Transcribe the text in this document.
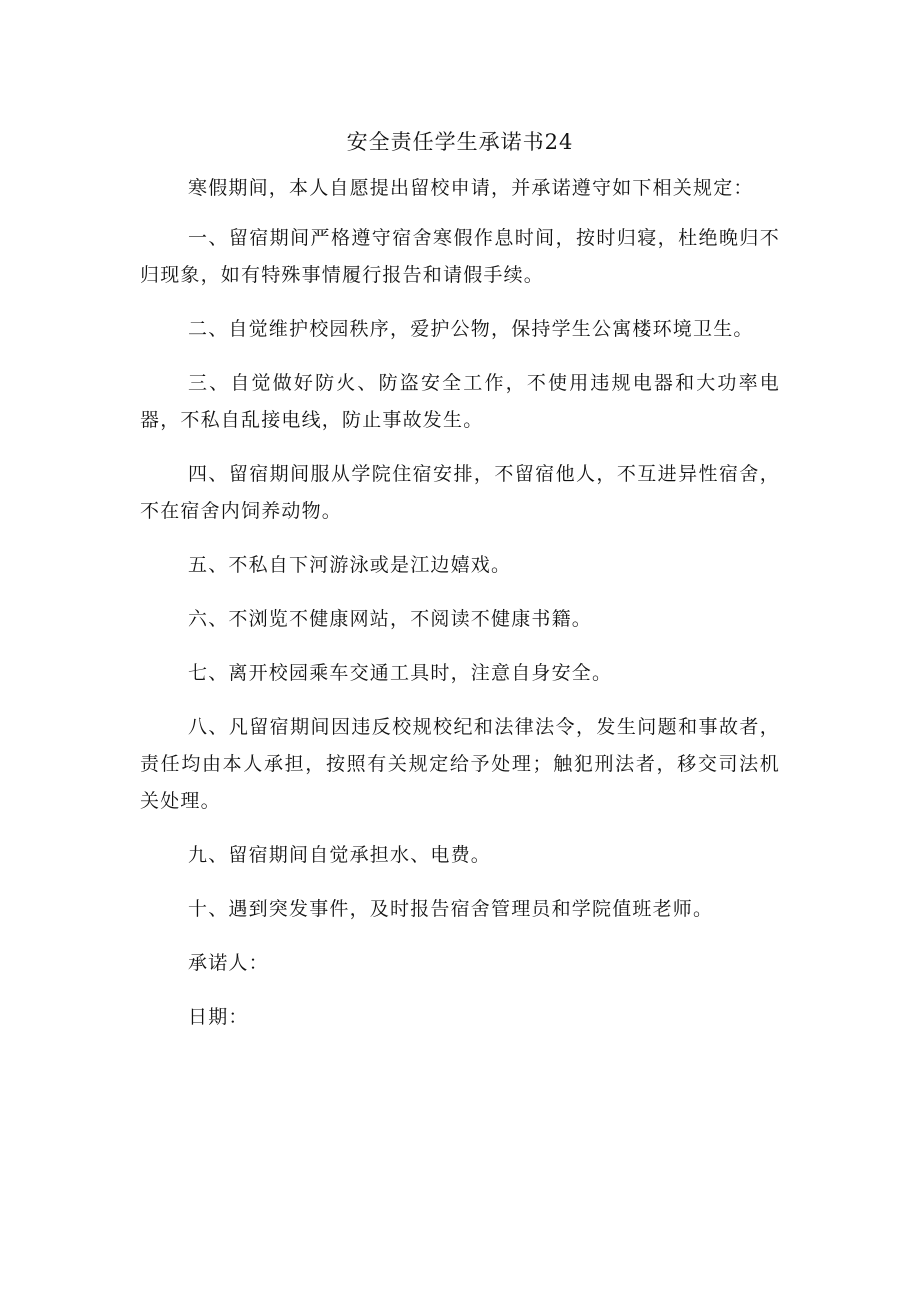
安全责任学生承诺书24

寒假期间，本人自愿提出留校申请，并承诺遵守如下相关规定：

一、留宿期间严格遵守宿舍寒假作息时间，按时归寝，杜绝晚归不归现象，如有特殊事情履行报告和请假手续。

二、自觉维护校园秩序，爱护公物，保持学生公寓楼环境卫生。

三、自觉做好防火、防盗安全工作，不使用违规电器和大功率电器，不私自乱接电线，防止事故发生。

四、留宿期间服从学院住宿安排，不留宿他人，不互进异性宿舍，不在宿舍内饲养动物。

五、不私自下河游泳或是江边嬉戏。

六、不浏览不健康网站，不阅读不健康书籍。

七、离开校园乘车交通工具时，注意自身安全。

八、凡留宿期间因违反校规校纪和法律法令，发生问题和事故者，责任均由本人承担，按照有关规定给予处理；触犯刑法者，移交司法机关处理。

九、留宿期间自觉承担水、电费。

十、遇到突发事件，及时报告宿舍管理员和学院值班老师。

承诺人：

日期：
